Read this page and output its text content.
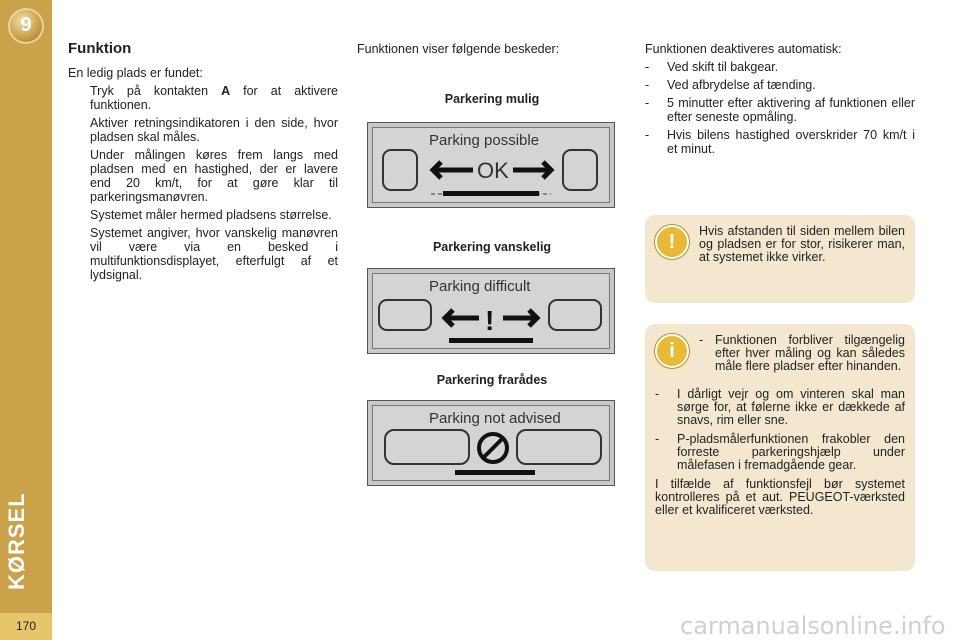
9
KØRSEL
170
Funktion
En ledig plads er fundet:
Tryk på kontakten A for at aktivere funktionen.
Aktiver retningsindikatoren i den side, hvor pladsen skal måles.
Under målingen køres frem langs med pladsen med en hastighed, der er lavere end 20 km/t, for at gøre klar til parkeringsmanøvren.
Systemet måler hermed pladsens størrelse.
Systemet angiver, hvor vanskelig manøvren vil være via en besked i multifunktionsdisplayet, efterfulgt af et lydsignal.
Funktionen viser følgende beskeder:
Parkering mulig
Parking possible
OK
Parkering vanskelig
Parking difficult
!
Parkering frarådes
Parking not advised
Funktionen deaktiveres automatisk:
- Ved skift til bakgear.
- Ved afbrydelse af tænding.
- 5 minutter efter aktivering af funktionen eller efter seneste opmåling.
- Hvis bilens hastighed overskrider 70 km/t i et minut.
!	Hvis afstanden til siden mellem bilen og pladsen er for stor, risikerer man, at systemet ikke virker.
i	- Funktionen forbliver tilgængelig efter hver måling og kan således måle flere pladser efter hinanden.
- I dårligt vejr og om vinteren skal man sørge for, at følerne ikke er dækkede af snavs, rim eller sne.
- P-pladsmålerfunktionen frakobler den forreste parkeringshjælp under målefasen i fremadgående gear.
I tilfælde af funktionsfejl bør systemet kontrolleres på et aut. PEUGEOT-værksted eller et kvalificeret værksted.
carmanualsonline.info
